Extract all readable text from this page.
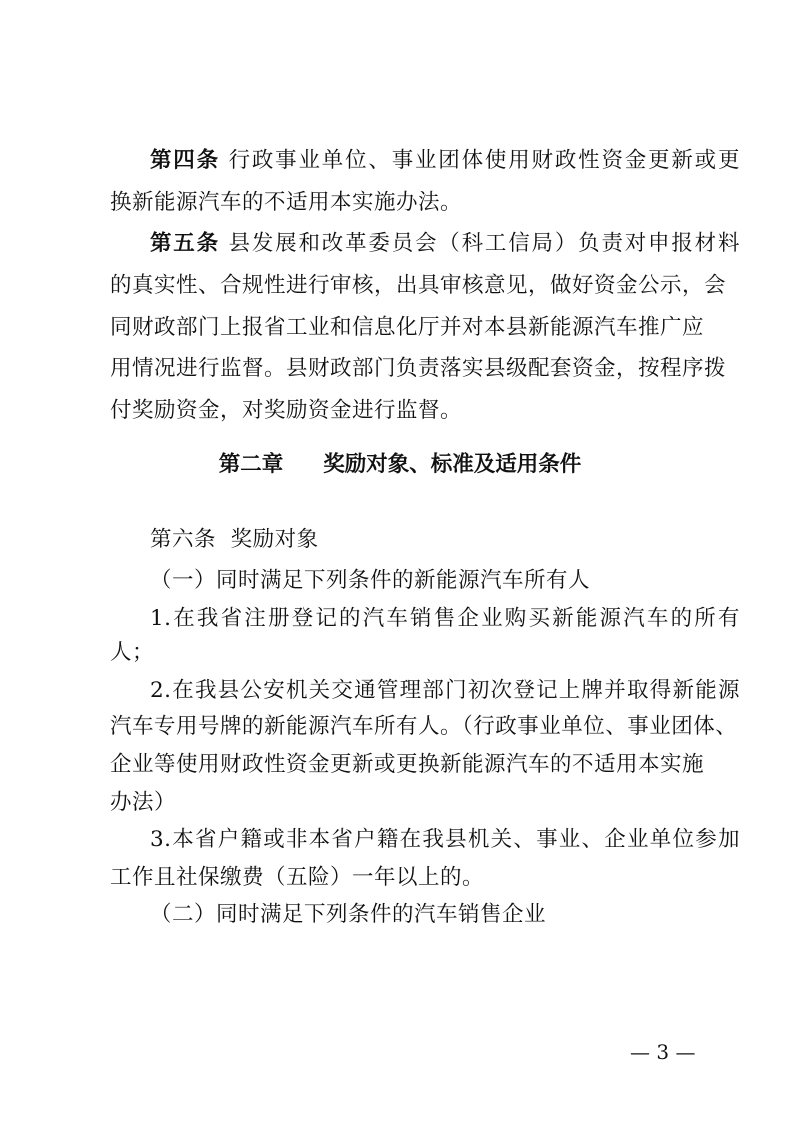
第四条 行政事业单位、事业团体使用财政性资金更新或更
换新能源汽车的不适用本实施办法。
第五条 县发展和改革委员会（科工信局）负责对申报材料
的真实性、合规性进行审核，出具审核意见，做好资金公示，会
同财政部门上报省工业和信息化厅并对本县新能源汽车推广应
用情况进行监督。县财政部门负责落实县级配套资金，按程序拨
付奖励资金，对奖励资金进行监督。
第二章 奖励对象、标准及适用条件
第六条  奖励对象
（一）同时满足下列条件的新能源汽车所有人
1.在我省注册登记的汽车销售企业购买新能源汽车的所有
人；
2.在我县公安机关交通管理部门初次登记上牌并取得新能源
汽车专用号牌的新能源汽车所有人。（行政事业单位、事业团体、
企业等使用财政性资金更新或更换新能源汽车的不适用本实施
办法）
3.本省户籍或非本省户籍在我县机关、事业、企业单位参加
工作且社保缴费（五险）一年以上的。
（二）同时满足下列条件的汽车销售企业
— 3 —
